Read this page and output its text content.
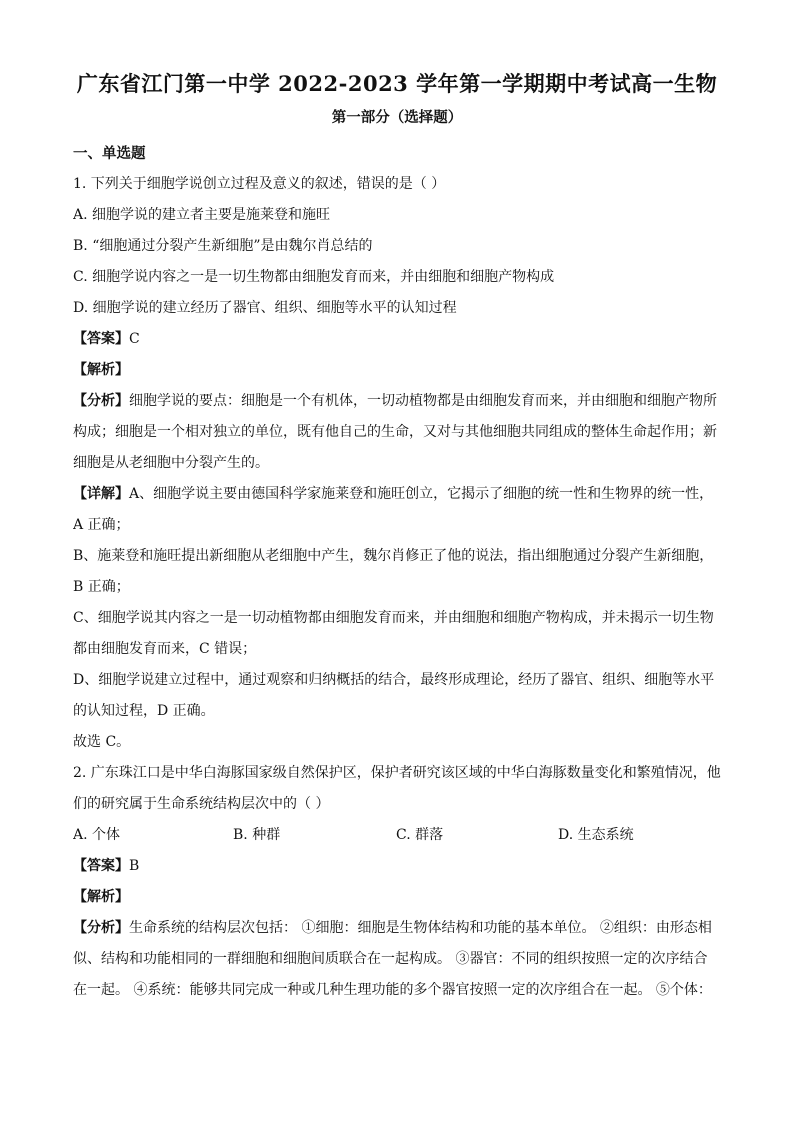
广东省江门第一中学 2022-2023 学年第一学期期中考试高一生物
第一部分（选择题）
一、单选题
1. 下列关于细胞学说创立过程及意义的叙述，错误的是（ ）
A. 细胞学说的建立者主要是施莱登和施旺
B. “细胞通过分裂产生新细胞”是由魏尔肖总结的
C. 细胞学说内容之一是一切生物都由细胞发育而来，并由细胞和细胞产物构成
D. 细胞学说的建立经历了器官、组织、细胞等水平的认知过程
【答案】C
【解析】
【分析】细胞学说的要点：细胞是一个有机体，一切动植物都是由细胞发育而来，并由细胞和细胞产物所
构成；细胞是一个相对独立的单位，既有他自己的生命，又对与其他细胞共同组成的整体生命起作用；新
细胞是从老细胞中分裂产生的。
【详解】A、细胞学说主要由德国科学家施莱登和施旺创立，它揭示了细胞的统一性和生物界的统一性，
A 正确；
B、施莱登和施旺提出新细胞从老细胞中产生，魏尔肖修正了他的说法，指出细胞通过分裂产生新细胞，
B 正确；
C、细胞学说其内容之一是一切动植物都由细胞发育而来，并由细胞和细胞产物构成，并未揭示一切生物
都由细胞发育而来，C 错误；
D、细胞学说建立过程中，通过观察和归纳概括的结合，最终形成理论，经历了器官、组织、细胞等水平
的认知过程，D 正确。
故选 C。
2. 广东珠江口是中华白海豚国家级自然保护区，保护者研究该区域的中华白海豚数量变化和繁殖情况，他
们的研究属于生命系统结构层次中的（ ）
A. 个体	B. 种群	C. 群落	D. 生态系统
【答案】B
【解析】
【分析】生命系统的结构层次包括： ①细胞：细胞是生物体结构和功能的基本单位。 ②组织：由形态相
似、结构和功能相同的一群细胞和细胞间质联合在一起构成。 ③器官：不同的组织按照一定的次序结合
在一起。 ④系统：能够共同完成一种或几种生理功能的多个器官按照一定的次序组合在一起。 ⑤个体：
